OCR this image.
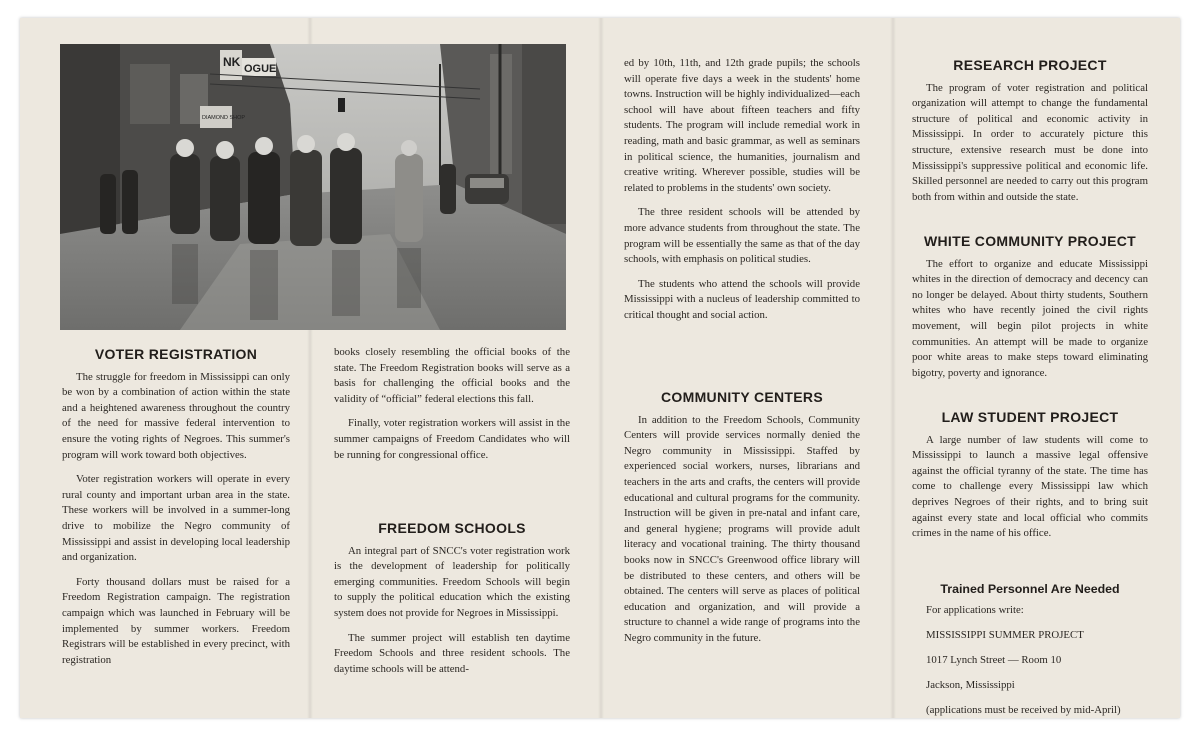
NK OGUE
DIAMOND SHOP
VOTER REGISTRATION

The struggle for freedom in Mississippi can only be won by a combination of action within the state and a heightened awareness throughout the country of the need for massive federal intervention to ensure the voting rights of Negroes. This summer's program will work toward both objectives.

Voter registration workers will operate in every rural county and important urban area in the state. These workers will be involved in a summer-long drive to mobilize the Negro community of Mississippi and assist in developing local leadership and organization.

Forty thousand dollars must be raised for a Freedom Registration campaign. The registration campaign which was launched in February will be implemented by summer workers. Freedom Registrars will be established in every precinct, with registration

books closely resembling the official books of the state. The Freedom Registration books will serve as a basis for challenging the official books and the validity of “official” federal elections this fall.

Finally, voter registration workers will assist in the summer campaigns of Freedom Candidates who will be running for congressional office.

FREEDOM SCHOOLS

An integral part of SNCC's voter registration work is the development of leadership for politically emerging communities. Freedom Schools will begin to supply the political education which the existing system does not provide for Negroes in Mississippi.

The summer project will establish ten daytime Freedom Schools and three resident schools. The daytime schools will be attend-

ed by 10th, 11th, and 12th grade pupils; the schools will operate five days a week in the students' home towns. Instruction will be highly individualized—each school will have about fifteen teachers and fifty students. The program will include remedial work in reading, math and basic grammar, as well as seminars in political science, the humanities, journalism and creative writing. Wherever possible, studies will be related to problems in the students' own society.

The three resident schools will be attended by more advance students from throughout the state. The program will be essentially the same as that of the day schools, with emphasis on political studies.

The students who attend the schools will provide Mississippi with a nucleus of leadership committed to critical thought and social action.

COMMUNITY CENTERS

In addition to the Freedom Schools, Community Centers will provide services normally denied the Negro community in Mississippi. Staffed by experienced social workers, nurses, librarians and teachers in the arts and crafts, the centers will provide educational and cultural programs for the community. Instruction will be given in pre-natal and infant care, and general hygiene; programs will provide adult literacy and vocational training. The thirty thousand books now in SNCC's Greenwood office library will be distributed to these centers, and others will be obtained. The centers will serve as places of political education and organization, and will provide a structure to channel a wide range of programs into the Negro community in the future.

RESEARCH PROJECT

The program of voter registration and political organization will attempt to change the fundamental structure of political and economic activity in Mississippi. In order to accurately picture this structure, extensive research must be done into Mississippi's suppressive political and economic life. Skilled personnel are needed to carry out this program both from within and outside the state.

WHITE COMMUNITY PROJECT

The effort to organize and educate Mississippi whites in the direction of democracy and decency can no longer be delayed. About thirty students, Southern whites who have recently joined the civil rights movement, will begin pilot projects in white communities. An attempt will be made to organize poor white areas to make steps toward eliminating bigotry, poverty and ignorance.

LAW STUDENT PROJECT

A large number of law students will come to Mississippi to launch a massive legal offensive against the official tyranny of the state. The time has come to challenge every Mississippi law which deprives Negroes of their rights, and to bring suit against every state and local official who commits crimes in the name of his office.

Trained Personnel Are Needed

For applications write:

MISSISSIPPI SUMMER PROJECT

1017 Lynch Street — Room 10

Jackson, Mississippi

(applications must be received by mid-April)
